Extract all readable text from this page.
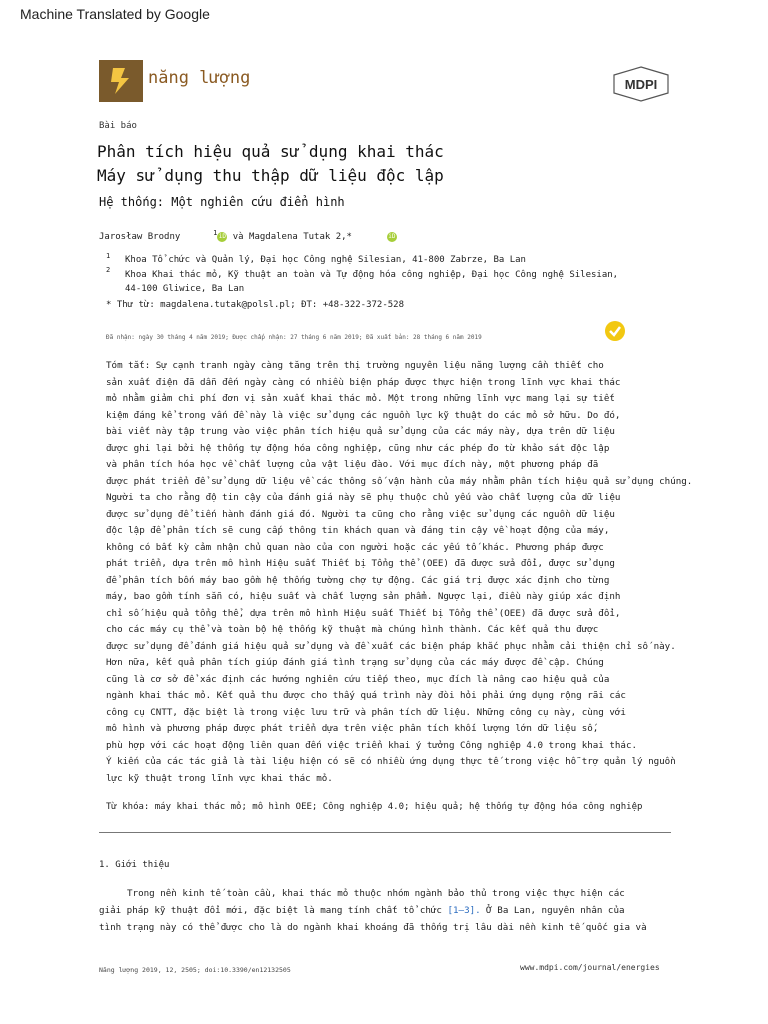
Machine Translated by Google
năng lượng	MDPI
Bài báo
Phân tích hiệu quả sử dụng khai thác
Máy sử dụng thu thập dữ liệu độc lập
Hệ thống: Một nghiên cứu điển hình
Jarosław Brodny	$^1$iD và Magdalena Tutak 2,*	iD
1 Khoa Tổ chức và Quản lý, Đại học Công nghệ Silesian, 41-800 Zabrze, Ba Lan
2 Khoa Khai thác mỏ, Kỹ thuật an toàn và Tự động hóa công nghiệp, Đại học Công nghệ Silesian,
44-100 Gliwice, Ba Lan
* Thư từ: magdalena.tutak@polsl.pl; ĐT: +48-322-372-528
Đã nhận: ngày 30 tháng 4 năm 2019; Được chấp nhận: 27 tháng 6 năm 2019; Đã xuất bản: 28 tháng 6 năm 2019

Tóm tắt: Sự cạnh tranh ngày càng tăng trên thị trường nguyên liệu năng lượng cần thiết cho

sản xuất điện đã dẫn đến ngày càng có nhiều biện pháp được thực hiện trong lĩnh vực khai thác

mỏ nhằm giảm chi phí đơn vị sản xuất khai thác mỏ. Một trong những lĩnh vực mang lại sự tiết

kiệm đáng kể trong vấn đề này là việc sử dụng các nguồn lực kỹ thuật do các mỏ sở hữu. Do đó,

bài viết này tập trung vào việc phân tích hiệu quả sử dụng của các máy này, dựa trên dữ liệu

được ghi lại bởi hệ thống tự động hóa công nghiệp, cũng như các phép đo từ khảo sát độc lập

và phân tích hóa học về chất lượng của vật liệu đào. Với mục đích này, một phương pháp đã

được phát triển để sử dụng dữ liệu về các thông số vận hành của máy nhằm phân tích hiệu quả sử dụng chúng.

Người ta cho rằng độ tin cậy của đánh giá này sẽ phụ thuộc chủ yếu vào chất lượng của dữ liệu

được sử dụng để tiến hành đánh giá đó. Người ta cũng cho rằng việc sử dụng các nguồn dữ liệu

độc lập để phân tích sẽ cung cấp thông tin khách quan và đáng tin cậy về hoạt động của máy,

không có bất kỳ cảm nhận chủ quan nào của con người hoặc các yếu tố khác. Phương pháp được

phát triển, dựa trên mô hình Hiệu suất Thiết bị Tổng thể (OEE) đã được sửa đổi, được sử dụng

để phân tích bốn máy bao gồm hệ thống tường chợ tự động. Các giá trị được xác định cho từng

máy, bao gồm tính sẵn có, hiệu suất và chất lượng sản phẩm. Ngược lại, điều này giúp xác định

chỉ số hiệu quả tổng thể, dựa trên mô hình Hiệu suất Thiết bị Tổng thể (OEE) đã được sửa đổi,

cho các máy cụ thể và toàn bộ hệ thống kỹ thuật mà chúng hình thành. Các kết quả thu được

được sử dụng để đánh giá hiệu quả sử dụng và đề xuất các biện pháp khắc phục nhằm cải thiện chỉ số này.

Hơn nữa, kết quả phân tích giúp đánh giá tình trạng sử dụng của các máy được đề cập. Chúng

cũng là cơ sở để xác định các hướng nghiên cứu tiếp theo, mục đích là nâng cao hiệu quả của

ngành khai thác mỏ. Kết quả thu được cho thấy quá trình này đòi hỏi phải ứng dụng rộng rãi các

công cụ CNTT, đặc biệt là trong việc lưu trữ và phân tích dữ liệu. Những công cụ này, cùng với

mô hình và phương pháp được phát triển dựa trên việc phân tích khối lượng lớn dữ liệu số,

phù hợp với các hoạt động liên quan đến việc triển khai ý tưởng Công nghiệp 4.0 trong khai thác.

Ý kiến của các tác giả là tài liệu hiện có sẽ có nhiều ứng dụng thực tế trong việc hỗ trợ quản lý nguồn

lực kỹ thuật trong lĩnh vực khai thác mỏ.

Từ khóa: máy khai thác mỏ; mô hình OEE; Công nghiệp 4.0; hiệu quả; hệ thống tự động hóa công nghiệp
1. Giới thiệu

Trong nền kinh tế toàn cầu, khai thác mỏ thuộc nhóm ngành bảo thủ trong việc thực hiện các

giải pháp kỹ thuật đổi mới, đặc biệt là mang tính chất tổ chức [1–3]. Ở Ba Lan, nguyên nhân của

tình trạng này có thể được cho là do ngành khai khoáng đã thống trị lâu dài nền kinh tế quốc gia và

Năng lượng 2019, 12, 2505; doi:10.3390/en12132505	www.mdpi.com/journal/energies
